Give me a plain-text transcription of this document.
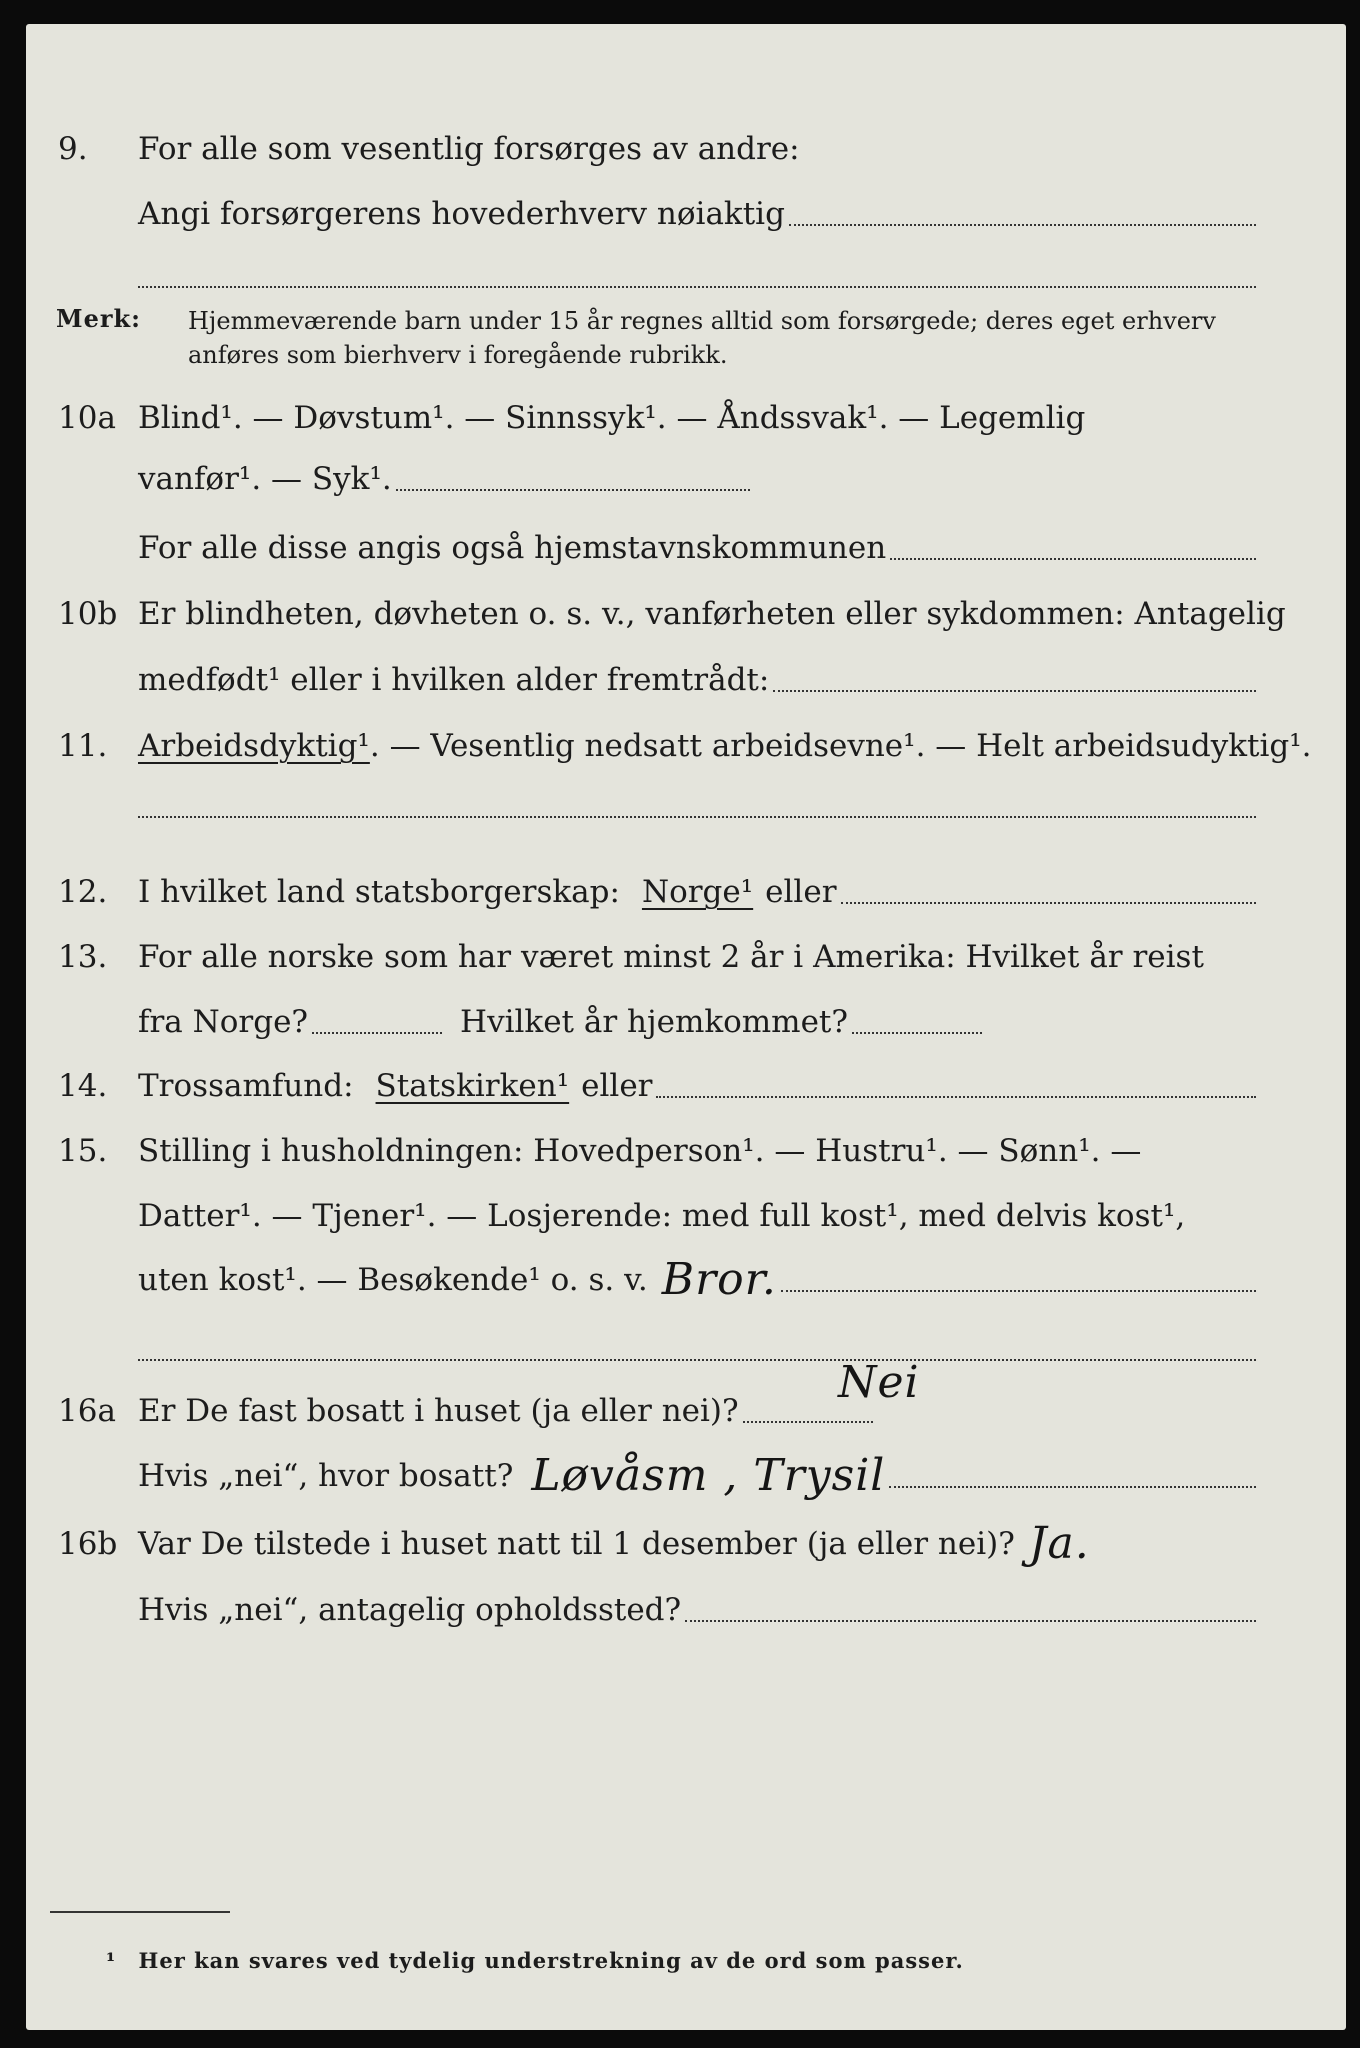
9.	For alle som vesentlig forsørges av andre:
Angi forsørgerens hovederhverv nøiaktig
Merk: Hjemmeværende barn under 15 år regnes alltid som forsørgede; deres eget erhverv anføres som bierhverv i foregående rubrikk.
10a Blind¹. — Døvstum¹. — Sinnssyk¹. — Åndssvak¹. — Legemlig
vanfør¹. — Syk¹.
For alle disse angis også hjemstavnskommunen
10b Er blindheten, døvheten o. s. v., vanførheten eller sykdommen: Antagelig
medfødt¹ eller i hvilken alder fremtrådt:
11. Arbeidsdyktig¹ . — Vesentlig nedsatt arbeidsevne¹. — Helt arbeidsudyktig¹.
12. I hvilket land statsborgerskap: Norge¹ eller
13. For alle norske som har været minst 2 år i Amerika: Hvilket år reist
fra Norge?	Hvilket år hjemkommet?
14. Trossamfund: Statskirken¹ eller
15. Stilling i husholdningen: Hovedperson¹. — Hustru¹. — Sønn¹. —
Datter¹. — Tjener¹. — Losjerende: med full kost¹, med delvis kost¹,
uten kost¹. — Besøkende¹ o. s. v. Bror.
16a Er De fast bosatt i huset (ja eller nei)?
Nei
Hvis „nei“, hvor bosatt? Løvåsm , Trysil
16b Var De tilstede i huset natt til 1 desember (ja eller nei)? Ja.
Hvis „nei“, antagelig opholdssted?
¹ Her kan svares ved tydelig understrekning av de ord som passer.
